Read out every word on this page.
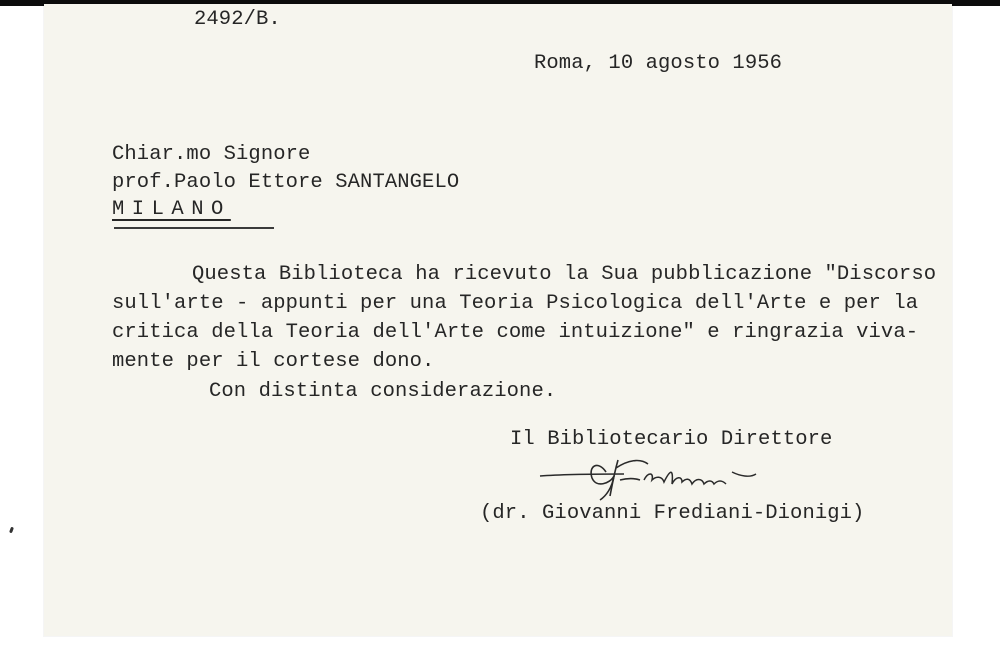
2492/B.
Roma, 10 agosto 1956
Chiar.mo Signore
prof.Paolo Ettore SANTANGELO
MILANO
Questa Biblioteca ha ricevuto la Sua pubblicazione "Discorso
sull'arte - appunti per una Teoria Psicologica dell'Arte e per la
critica della Teoria dell'Arte come intuizione" e ringrazia viva-
mente per il cortese dono.
Con distinta considerazione.
Il Bibliotecario Direttore
(dr. Giovanni Frediani-Dionigi)
